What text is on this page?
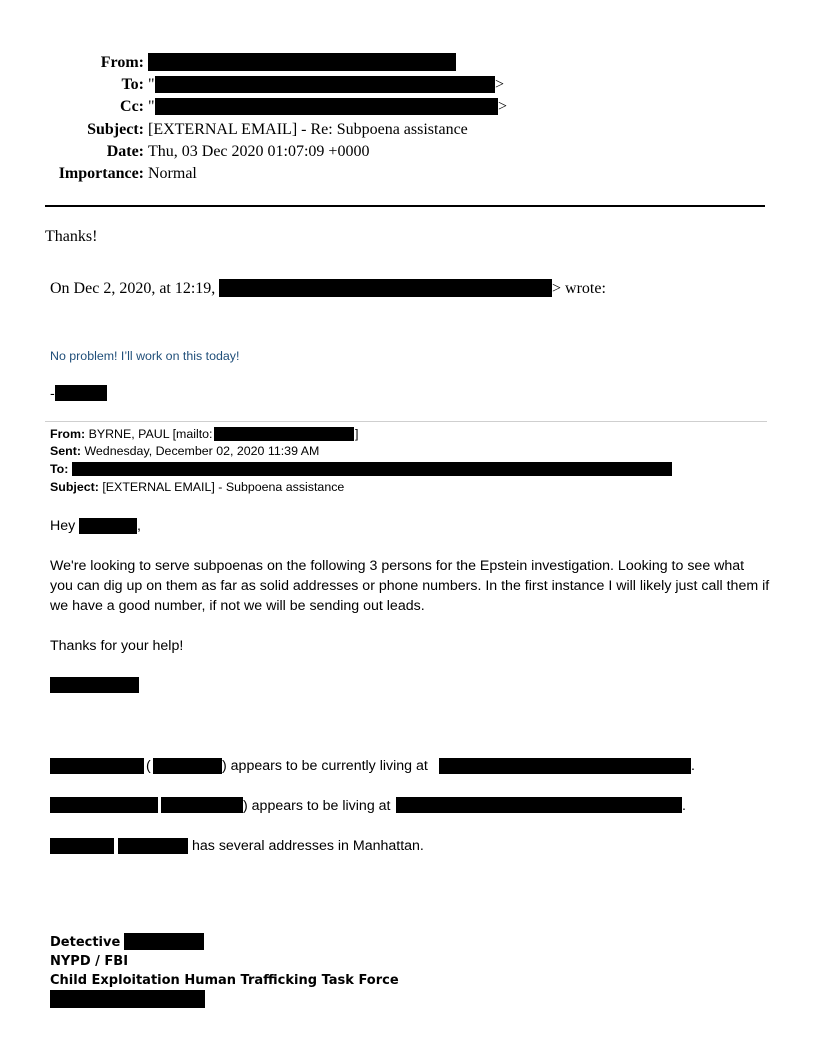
From:
To: "	>
Cc: "	>
Subject: [EXTERNAL EMAIL] - Re: Subpoena assistance
Date: Thu, 03 Dec 2020 01:07:09 +0000
Importance: Normal
Thanks!
On Dec 2, 2020, at 12:19,	> wrote:
No problem! I’ll work on this today!
-
From: BYRNE, PAUL [mailto:	]
Sent: Wednesday, December 02, 2020 11:39 AM
To:
Subject: [EXTERNAL EMAIL] - Subpoena assistance
Hey	,
We're looking to serve subpoenas on the following 3 persons for the Epstein investigation. Looking to see what you can dig up on them as far as solid addresses or phone numbers. In the first instance I will likely just call them if we have a good number, if not we will be sending out leads.
Thanks for your help!
(	) appears to be currently living at	.
) appears to be living at	.
has several addresses in Manhattan.
Detective
NYPD / FBI
Child Exploitation Human Trafficking Task Force
